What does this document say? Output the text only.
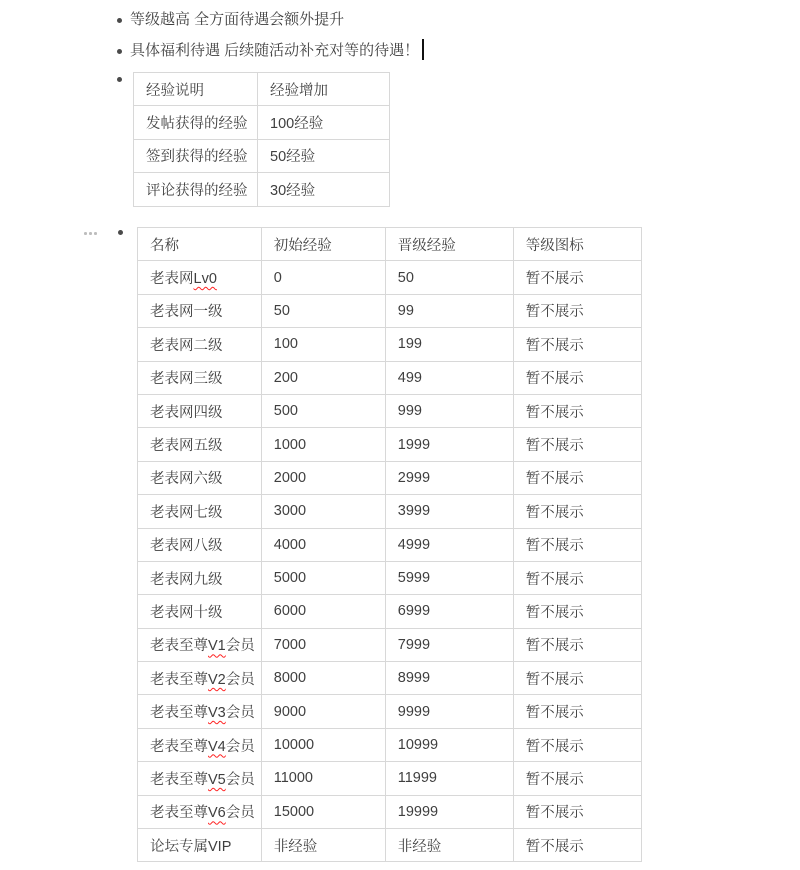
等级越高 全方面待遇会额外提升
具体福利待遇 后续随活动补充对等的待遇！
经验说明	经验增加
发帖获得的经验	100经验
签到获得的经验	50经验
评论获得的经验	30经验
名称	初始经验	晋级经验	等级图标
老表网Lv0	0	50	暂不展示
老表网一级	50	99	暂不展示
老表网二级	100	199	暂不展示
老表网三级	200	499	暂不展示
老表网四级	500	999	暂不展示
老表网五级	1000	1999	暂不展示
老表网六级	2000	2999	暂不展示
老表网七级	3000	3999	暂不展示
老表网八级	4000	4999	暂不展示
老表网九级	5000	5999	暂不展示
老表网十级	6000	6999	暂不展示
老表至尊V1会员	7000	7999	暂不展示
老表至尊V2会员	8000	8999	暂不展示
老表至尊V3会员	9000	9999	暂不展示
老表至尊V4会员	10000	10999	暂不展示
老表至尊V5会员	11000	11999	暂不展示
老表至尊V6会员	15000	19999	暂不展示
论坛专属VIP	非经验	非经验	暂不展示
